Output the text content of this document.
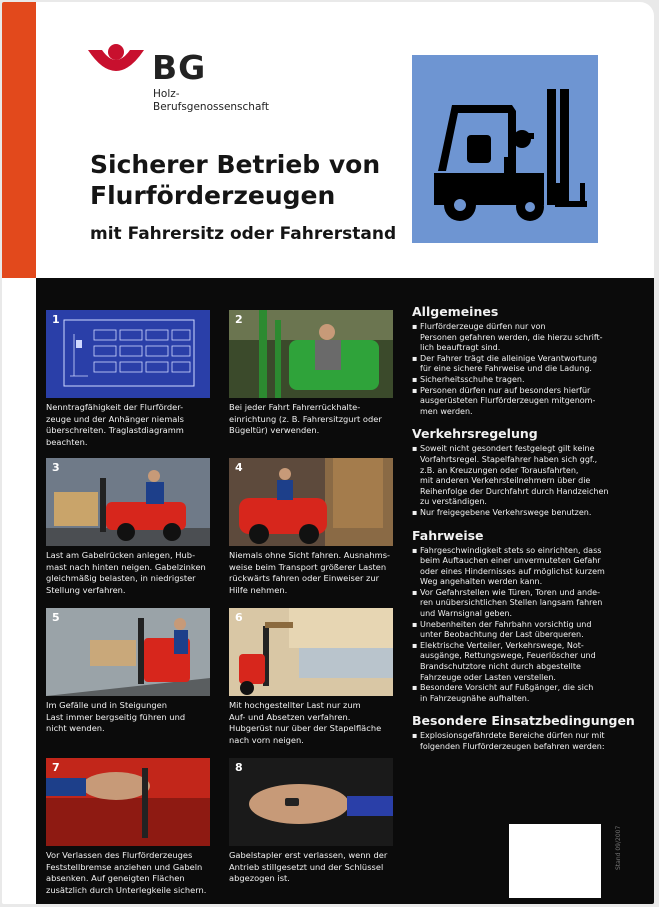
BG
Holz-
Berufsgenossenschaft
Sicherer Betrieb von
Flurförderzeugen
mit Fahrersitz oder Fahrerstand
1
Nenntragfähigkeit der Flurförder-
zeuge und der Anhänger niemals
überschreiten. Traglastdiagramm
beachten.
2
Bei jeder Fahrt Fahrerrückhalte-
einrichtung (z. B. Fahrersitzgurt oder
Bügeltür) verwenden.
3
Last am Gabelrücken anlegen, Hub-
mast nach hinten neigen. Gabelzinken
gleichmäßig belasten, in niedrigster
Stellung verfahren.
4
Niemals ohne Sicht fahren. Ausnahms-
weise beim Transport größerer Lasten
rückwärts fahren oder Einweiser zur
Hilfe nehmen.
5
Im Gefälle und in Steigungen
Last immer bergseitig führen und
nicht wenden.
6
Mit hochgestellter Last nur zum
Auf- und Absetzen verfahren.
Hubgerüst nur über der Stapelfläche
nach vorn neigen.
7
Vor Verlassen des Flurförderzeuges
Feststellbremse anziehen und Gabeln
absenken. Auf geneigten Flächen
zusätzlich durch Unterlegkeile sichern.
8
Gabelstapler erst verlassen, wenn der
Antrieb stillgesetzt und der Schlüssel
abgezogen ist.
Allgemeines
▪ Flurförderzeuge dürfen nur von
Personen gefahren werden, die hierzu schrift-
lich beauftragt sind.
▪ Der Fahrer trägt die alleinige Verantwortung
für eine sichere Fahrweise und die Ladung.
▪ Sicherheitsschuhe tragen.
▪ Personen dürfen nur auf besonders hierfür
ausgerüsteten Flurförderzeugen mitgenom-
men werden.
Verkehrsregelung
▪ Soweit nicht gesondert festgelegt gilt keine
Vorfahrtsregel. Stapelfahrer haben sich ggf.,
z.B. an Kreuzungen oder Torausfahrten,
mit anderen Verkehrsteilnehmern über die
Reihenfolge der Durchfahrt durch Handzeichen
zu verständigen.
▪ Nur freigegebene Verkehrswege benutzen.
Fahrweise
▪ Fahrgeschwindigkeit stets so einrichten, dass
beim Auftauchen einer unvermuteten Gefahr
oder eines Hindernisses auf möglichst kurzem
Weg angehalten werden kann.
▪ Vor Gefahrstellen wie Türen, Toren und ande-
ren unübersichtlichen Stellen langsam fahren
und Warnsignal geben.
▪ Unebenheiten der Fahrbahn vorsichtig und
unter Beobachtung der Last überqueren.
▪ Elektrische Verteiler, Verkehrswege, Not-
ausgänge, Rettungswege, Feuerlöscher und
Brandschutztore nicht durch abgestellte
Fahrzeuge oder Lasten verstellen.
▪ Besondere Vorsicht auf Fußgänger, die sich
in Fahrzeugnähe aufhalten.
Besondere Einsatzbedingungen
▪ Explosionsgefährdete Bereiche dürfen nur mit
folgenden Flurförderzeugen befahren werden:
Stand 09/2007
